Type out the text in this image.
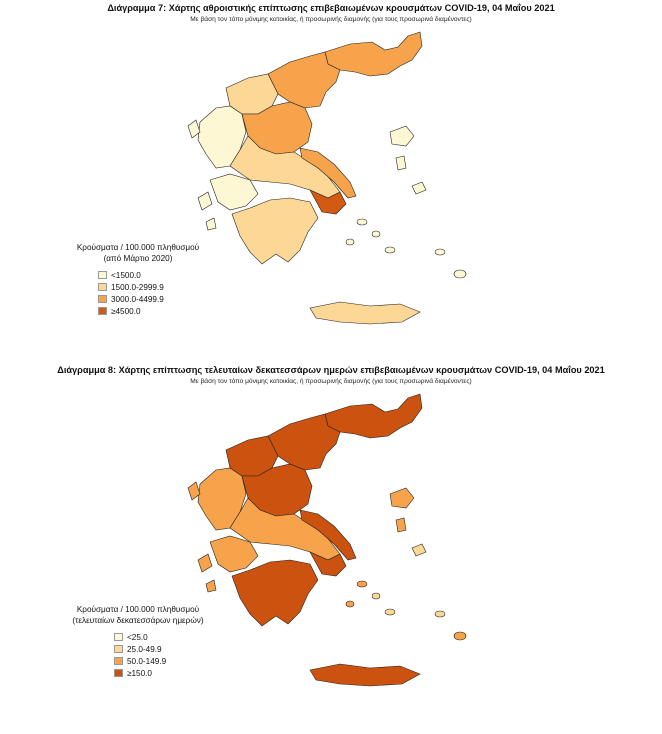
Διάγραμμα 7: Χάρτης αθροιστικής επίπτωσης επιβεβαιωμένων κρουσμάτων COVID-19, 04 Μαΐου 2021
Με βάση τον τόπο μόνιμης κατοικίας, ή προσωρινής διαμονής (για τους προσωρινά διαμένοντες)
Κρούσματα / 100.000 πληθυσμού
(από Μάρτιο 2020)
<1500.0
1500.0-2999.9
3000.0-4499.9
≥4500.0
Διάγραμμα 8: Χάρτης επίπτωσης τελευταίων δεκατεσσάρων ημερών επιβεβαιωμένων κρουσμάτων COVID-19, 04 Μαΐου 2021
Με βάση τον τόπο μόνιμης κατοικίας, ή προσωρινής διαμονής (για τους προσωρινά διαμένοντες)
Κρούσματα / 100.000 πληθυσμού
(τελευταίων δεκατεσσάρων ημερών)
<25.0
25.0-49.9
50.0-149.9
≥150.0
